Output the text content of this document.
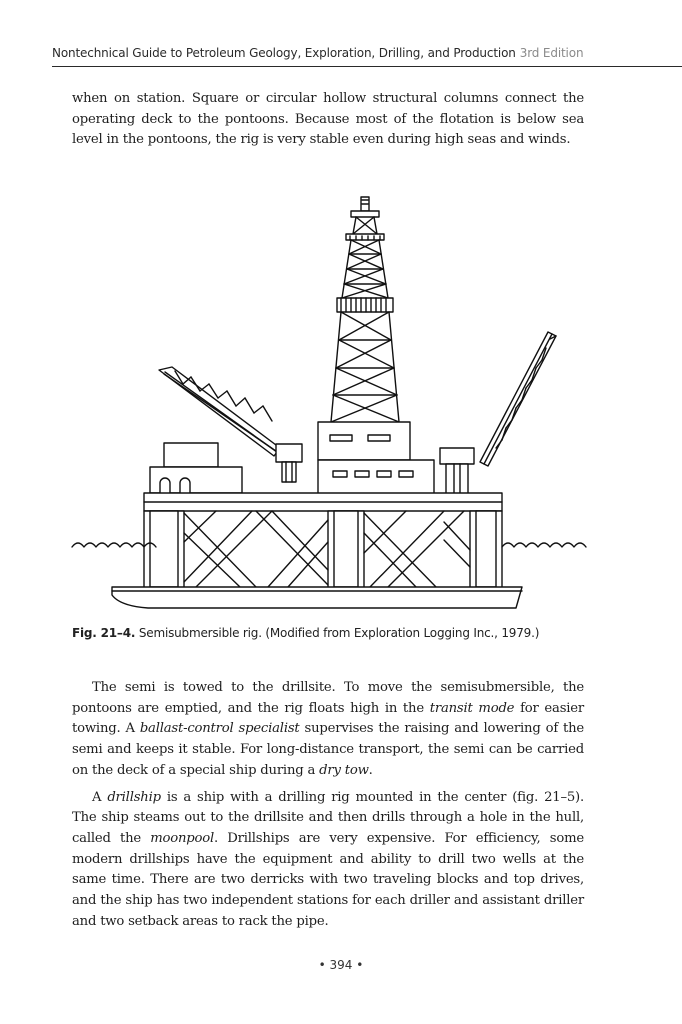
Nontechnical Guide to Petroleum Geology, Exploration, Drilling, and Production 3rd Edition

when on station. Square or circular hollow structural columns connect the operating deck to the pontoons. Because most of the flotation is below sea level in the pontoons, the rig is very stable even during high seas and winds.

Fig. 21–4. Semisubmersible rig. (Modified from Exploration Logging Inc., 1979.)

The semi is towed to the drillsite. To move the semisubmersible, the pontoons are emptied, and the rig floats high in the transit mode for easier towing. A ballast-control specialist supervises the raising and lowering of the semi and keeps it stable. For long-distance transport, the semi can be carried on the deck of a special ship during a dry tow.

A drillship is a ship with a drilling rig mounted in the center (fig. 21–5). The ship steams out to the drillsite and then drills through a hole in the hull, called the moonpool. Drillships are very expensive. For efficiency, some modern drillships have the equipment and ability to drill two wells at the same time. There are two derricks with two traveling blocks and top drives, and the ship has two independent stations for each driller and assistant driller and two setback areas to rack the pipe.

• 394 •
